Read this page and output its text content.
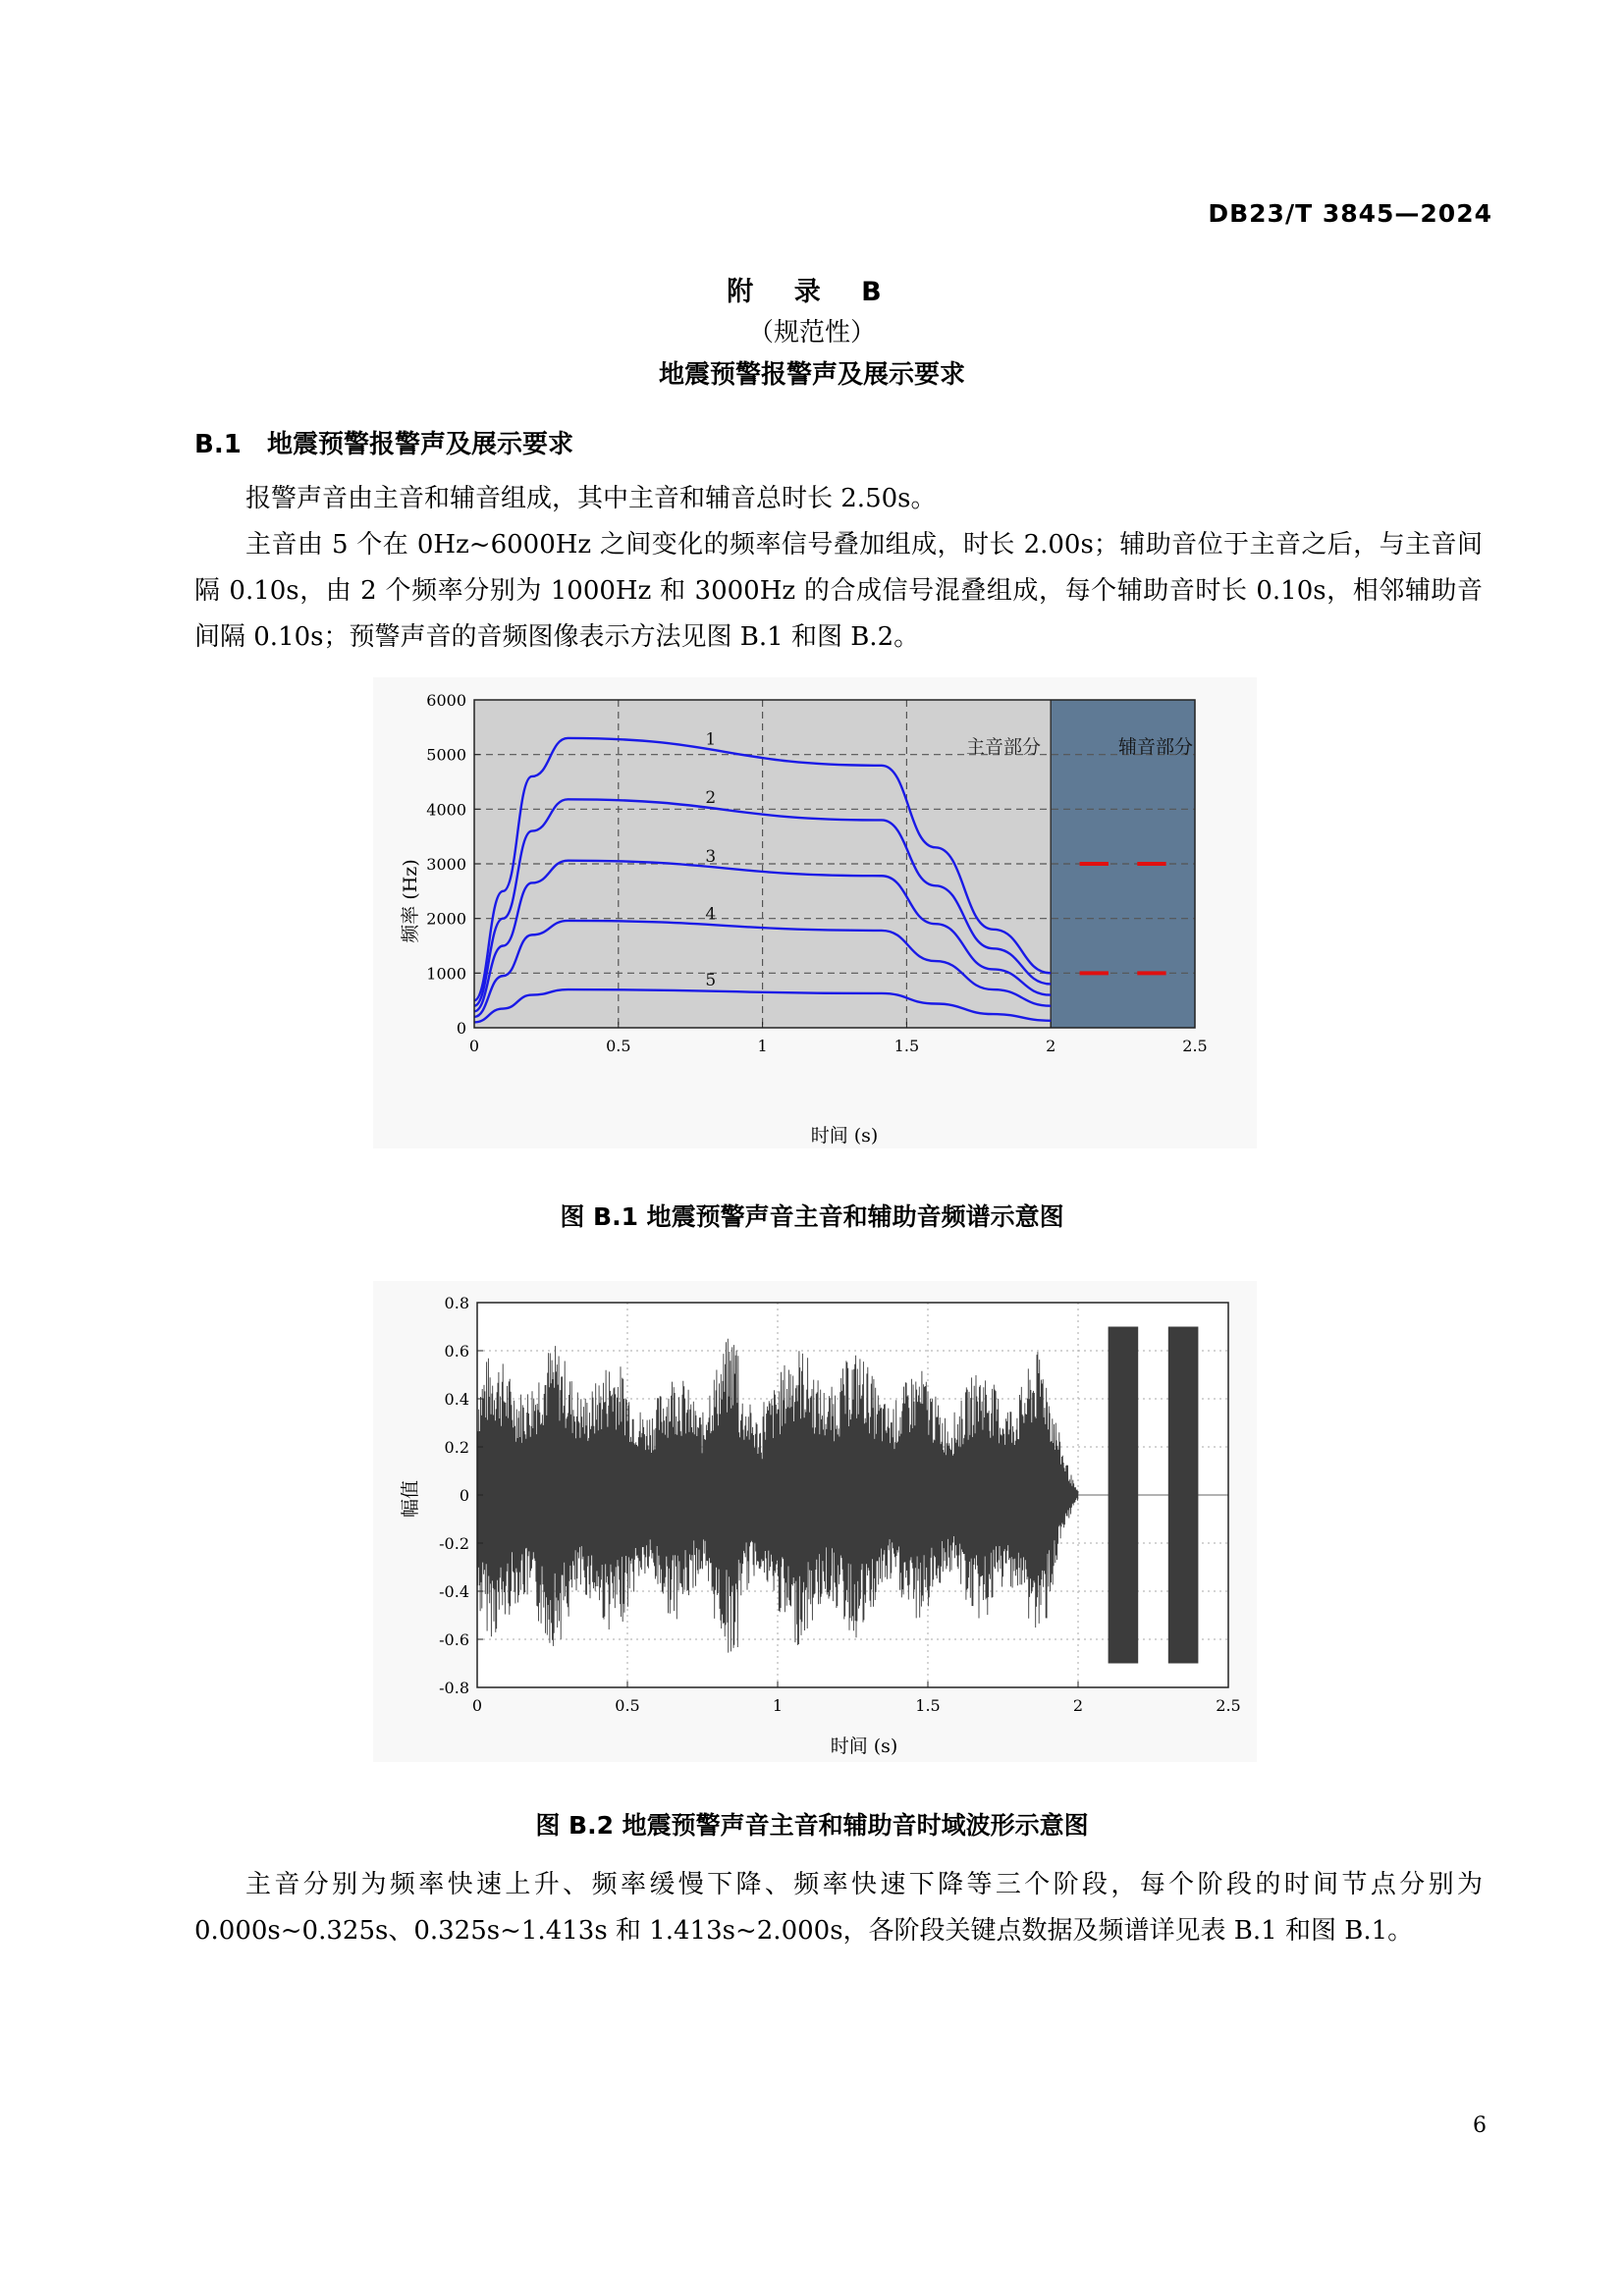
DB23/T 3845—2024
附 录 B
（规范性）
地震预警报警声及展示要求
B.1 地震预警报警声及展示要求

报警声音由主音和辅音组成，其中主音和辅音总时长 2.50s。

主音由 5 个在 0Hz~6000Hz 之间变化的频率信号叠加组成，时长 2.00s；辅助音位于主音之后，与主音间隔 0.10s，由 2 个频率分别为 1000Hz 和 3000Hz 的合成信号混叠组成，每个辅助音时长 0.10s，相邻辅助音间隔 0.10s；预警声音的音频图像表示方法见图 B.1 和图 B.2。

1
2
3
4
5
0	0.5	1	1.5	2	2.5
0
1000
2000
3000
4000
5000
6000
主音部分	辅音部分
时间 (s)
频率 (Hz)
图 B.1 地震预警声音主音和辅助音频谱示意图
0	0.5	1	1.5	2	2.5
0.8
0.6
0.4
0.2
0
-0.2
-0.4
-0.6
-0.8
时间 (s)
幅值
图 B.2 地震预警声音主音和辅助音时域波形示意图

主音分别为频率快速上升、频率缓慢下降、频率快速下降等三个阶段，每个阶段的时间节点分别为 0.000s~0.325s、0.325s~1.413s 和 1.413s~2.000s，各阶段关键点数据及频谱详见表 B.1 和图 B.1。

6
